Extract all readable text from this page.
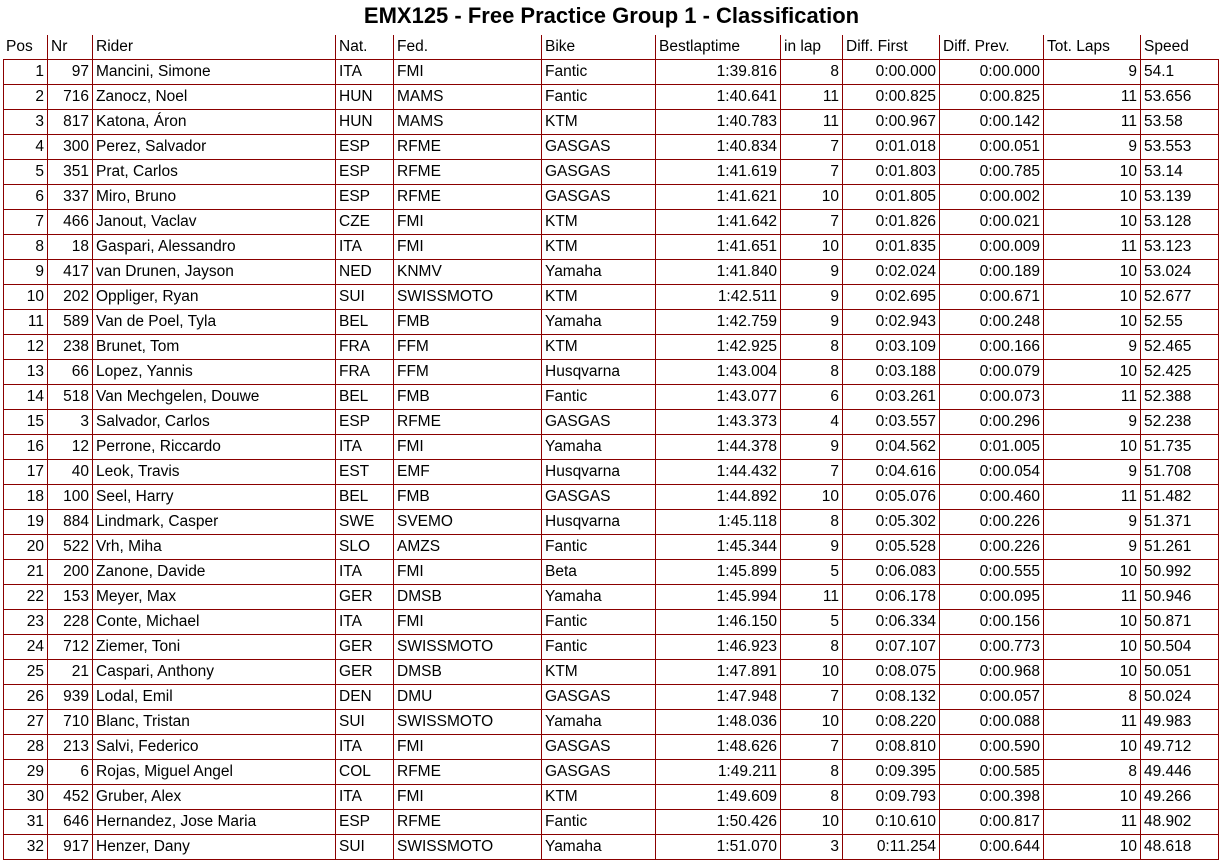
EMX125 - Free Practice Group 1 - Classification
Pos	Nr	Rider	Nat.	Fed.	Bike	Bestlaptime	in lap	Diff. First	Diff. Prev.	Tot. Laps	Speed
1	97	Mancini, Simone	ITA	FMI	Fantic	1:39.816	8	0:00.000	0:00.000	9	54.1
2	716	Zanocz, Noel	HUN	MAMS	Fantic	1:40.641	11	0:00.825	0:00.825	11	53.656
3	817	Katona, Áron	HUN	MAMS	KTM	1:40.783	11	0:00.967	0:00.142	11	53.58
4	300	Perez, Salvador	ESP	RFME	GASGAS	1:40.834	7	0:01.018	0:00.051	9	53.553
5	351	Prat, Carlos	ESP	RFME	GASGAS	1:41.619	7	0:01.803	0:00.785	10	53.14
6	337	Miro, Bruno	ESP	RFME	GASGAS	1:41.621	10	0:01.805	0:00.002	10	53.139
7	466	Janout, Vaclav	CZE	FMI	KTM	1:41.642	7	0:01.826	0:00.021	10	53.128
8	18	Gaspari, Alessandro	ITA	FMI	KTM	1:41.651	10	0:01.835	0:00.009	11	53.123
9	417	van Drunen, Jayson	NED	KNMV	Yamaha	1:41.840	9	0:02.024	0:00.189	10	53.024
10	202	Oppliger, Ryan	SUI	SWISSMOTO	KTM	1:42.511	9	0:02.695	0:00.671	10	52.677
11	589	Van de Poel, Tyla	BEL	FMB	Yamaha	1:42.759	9	0:02.943	0:00.248	10	52.55
12	238	Brunet, Tom	FRA	FFM	KTM	1:42.925	8	0:03.109	0:00.166	9	52.465
13	66	Lopez, Yannis	FRA	FFM	Husqvarna	1:43.004	8	0:03.188	0:00.079	10	52.425
14	518	Van Mechgelen, Douwe	BEL	FMB	Fantic	1:43.077	6	0:03.261	0:00.073	11	52.388
15	3	Salvador, Carlos	ESP	RFME	GASGAS	1:43.373	4	0:03.557	0:00.296	9	52.238
16	12	Perrone, Riccardo	ITA	FMI	Yamaha	1:44.378	9	0:04.562	0:01.005	10	51.735
17	40	Leok, Travis	EST	EMF	Husqvarna	1:44.432	7	0:04.616	0:00.054	9	51.708
18	100	Seel, Harry	BEL	FMB	GASGAS	1:44.892	10	0:05.076	0:00.460	11	51.482
19	884	Lindmark, Casper	SWE	SVEMO	Husqvarna	1:45.118	8	0:05.302	0:00.226	9	51.371
20	522	Vrh, Miha	SLO	AMZS	Fantic	1:45.344	9	0:05.528	0:00.226	9	51.261
21	200	Zanone, Davide	ITA	FMI	Beta	1:45.899	5	0:06.083	0:00.555	10	50.992
22	153	Meyer, Max	GER	DMSB	Yamaha	1:45.994	11	0:06.178	0:00.095	11	50.946
23	228	Conte, Michael	ITA	FMI	Fantic	1:46.150	5	0:06.334	0:00.156	10	50.871
24	712	Ziemer, Toni	GER	SWISSMOTO	Fantic	1:46.923	8	0:07.107	0:00.773	10	50.504
25	21	Caspari, Anthony	GER	DMSB	KTM	1:47.891	10	0:08.075	0:00.968	10	50.051
26	939	Lodal, Emil	DEN	DMU	GASGAS	1:47.948	7	0:08.132	0:00.057	8	50.024
27	710	Blanc, Tristan	SUI	SWISSMOTO	Yamaha	1:48.036	10	0:08.220	0:00.088	11	49.983
28	213	Salvi, Federico	ITA	FMI	GASGAS	1:48.626	7	0:08.810	0:00.590	10	49.712
29	6	Rojas, Miguel Angel	COL	RFME	GASGAS	1:49.211	8	0:09.395	0:00.585	8	49.446
30	452	Gruber, Alex	ITA	FMI	KTM	1:49.609	8	0:09.793	0:00.398	10	49.266
31	646	Hernandez, Jose Maria	ESP	RFME	Fantic	1:50.426	10	0:10.610	0:00.817	11	48.902
32	917	Henzer, Dany	SUI	SWISSMOTO	Yamaha	1:51.070	3	0:11.254	0:00.644	10	48.618
